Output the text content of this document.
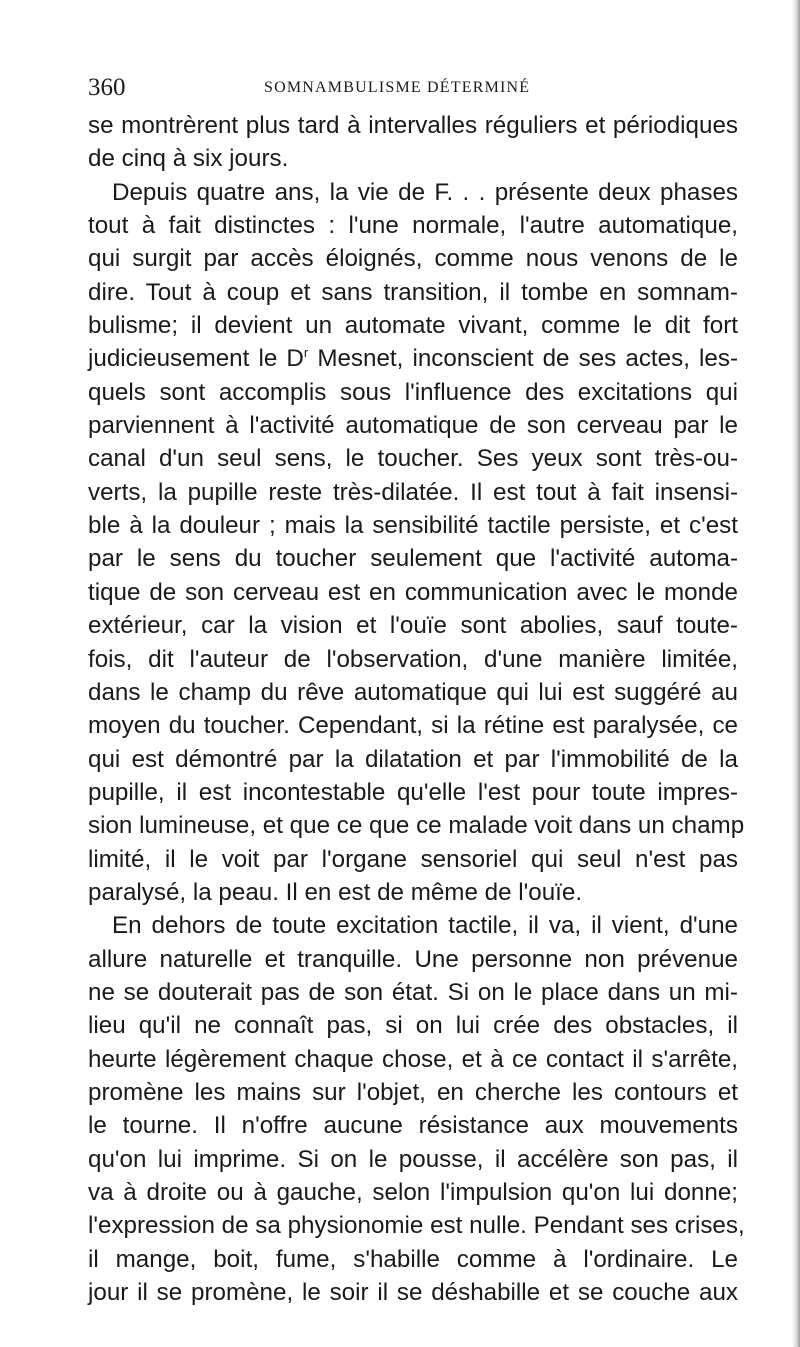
360	SOMNAMBULISME DÉTERMINÉ
se montrèrent plus tard à intervalles réguliers et périodiques
de cinq à six jours.
Depuis quatre ans, la vie de F. . . présente deux phases
tout à fait distinctes : l'une normale, l'autre automatique,
qui surgit par accès éloignés, comme nous venons de le
dire. Tout à coup et sans transition, il tombe en somnam-
bulisme; il devient un automate vivant, comme le dit fort
judicieusement le $D^r$ Mesnet, inconscient de ses actes, les-
quels sont accomplis sous l'influence des excitations qui
parviennent à l'activité automatique de son cerveau par le
canal d'un seul sens, le toucher. Ses yeux sont très-ou-
verts, la pupille reste très-dilatée. Il est tout à fait insensi-
ble à la douleur ; mais la sensibilité tactile persiste, et c'est
par le sens du toucher seulement que l'activité automa-
tique de son cerveau est en communication avec le monde
extérieur, car la vision et l'ouïe sont abolies, sauf toute-
fois, dit l'auteur de l'observation, d'une manière limitée,
dans le champ du rêve automatique qui lui est suggéré au
moyen du toucher. Cependant, si la rétine est paralysée, ce
qui est démontré par la dilatation et par l'immobilité de la
pupille, il est incontestable qu'elle l'est pour toute impres-
sion lumineuse, et que ce que ce malade voit dans un champ
limité, il le voit par l'organe sensoriel qui seul n'est pas
paralysé, la peau. Il en est de même de l'ouïe.
En dehors de toute excitation tactile, il va, il vient, d'une
allure naturelle et tranquille. Une personne non prévenue
ne se douterait pas de son état. Si on le place dans un mi-
lieu qu'il ne connaît pas, si on lui crée des obstacles, il
heurte légèrement chaque chose, et à ce contact il s'arrête,
promène les mains sur l'objet, en cherche les contours et
le tourne. Il n'offre aucune résistance aux mouvements
qu'on lui imprime. Si on le pousse, il accélère son pas, il
va à droite ou à gauche, selon l'impulsion qu'on lui donne;
l'expression de sa physionomie est nulle. Pendant ses crises,
il mange, boit, fume, s'habille comme à l'ordinaire. Le
jour il se promène, le soir il se déshabille et se couche aux
